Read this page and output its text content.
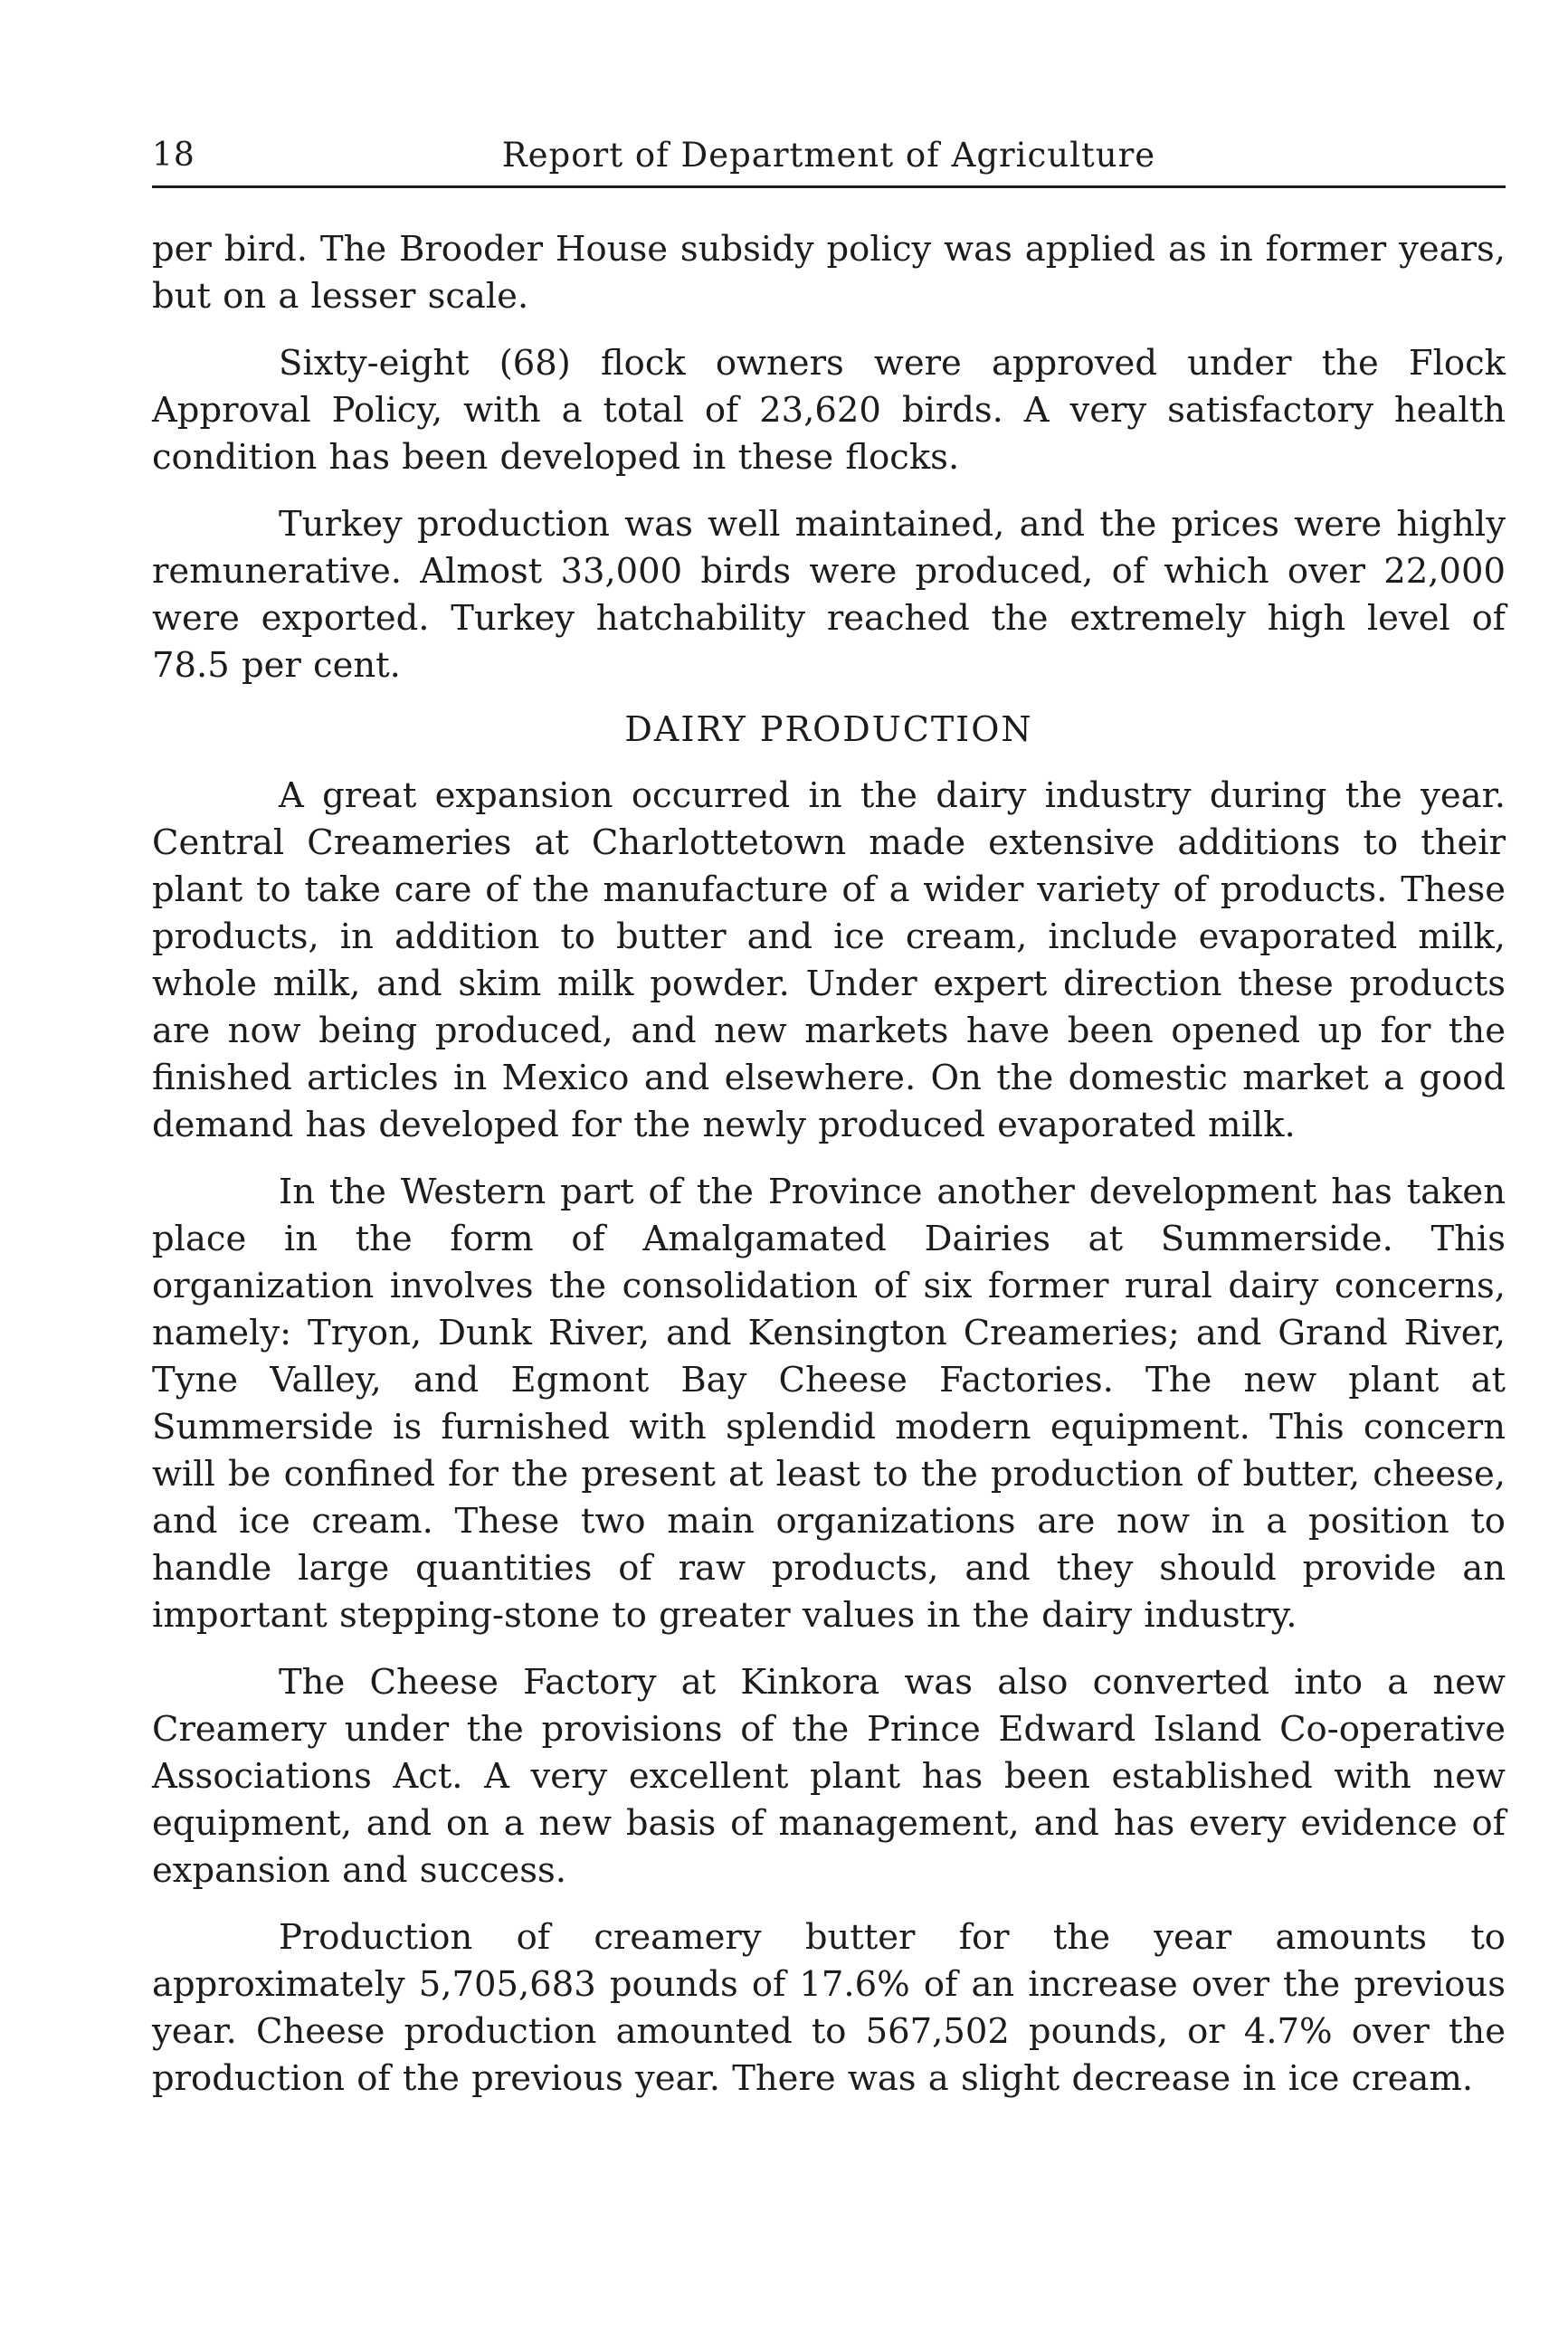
18	Report of Department of Agriculture

per bird. The Brooder House subsidy policy was applied as in former years, but on a lesser scale.

Sixty-eight (68) flock owners were approved under the Flock Approval Policy, with a total of 23,620 birds. A very satisfactory health condition has been developed in these flocks.

Turkey production was well maintained, and the prices were highly remunerative. Almost 33,000 birds were produced, of which over 22,000 were exported. Turkey hatchability reached the extremely high level of 78.5 per cent.

DAIRY PRODUCTION

A great expansion occurred in the dairy industry during the year. Central Creameries at Charlottetown made extensive additions to their plant to take care of the manufacture of a wider variety of products. These products, in addition to butter and ice cream, include evaporated milk, whole milk, and skim milk powder. Under expert direction these products are now being produced, and new markets have been opened up for the finished articles in Mexico and elsewhere. On the domestic market a good demand has developed for the newly produced evaporated milk.

In the Western part of the Province another development has taken place in the form of Amalgamated Dairies at Summerside. This organization involves the consolidation of six former rural dairy concerns, namely: Tryon, Dunk River, and Kensington Creameries; and Grand River, Tyne Valley, and Egmont Bay Cheese Factories. The new plant at Summerside is furnished with splendid modern equipment. This concern will be confined for the present at least to the production of butter, cheese, and ice cream. These two main organizations are now in a position to handle large quantities of raw products, and they should provide an important stepping-stone to greater values in the dairy industry.

The Cheese Factory at Kinkora was also converted into a new Creamery under the provisions of the Prince Edward Island Co-operative Associations Act. A very excellent plant has been established with new equipment, and on a new basis of management, and has every evidence of expansion and success.

Production of creamery butter for the year amounts to approximately 5,705,683 pounds of 17.6% of an increase over the previous year. Cheese production amounted to 567,502 pounds, or 4.7% over the production of the previous year. There was a slight decrease in ice cream.
